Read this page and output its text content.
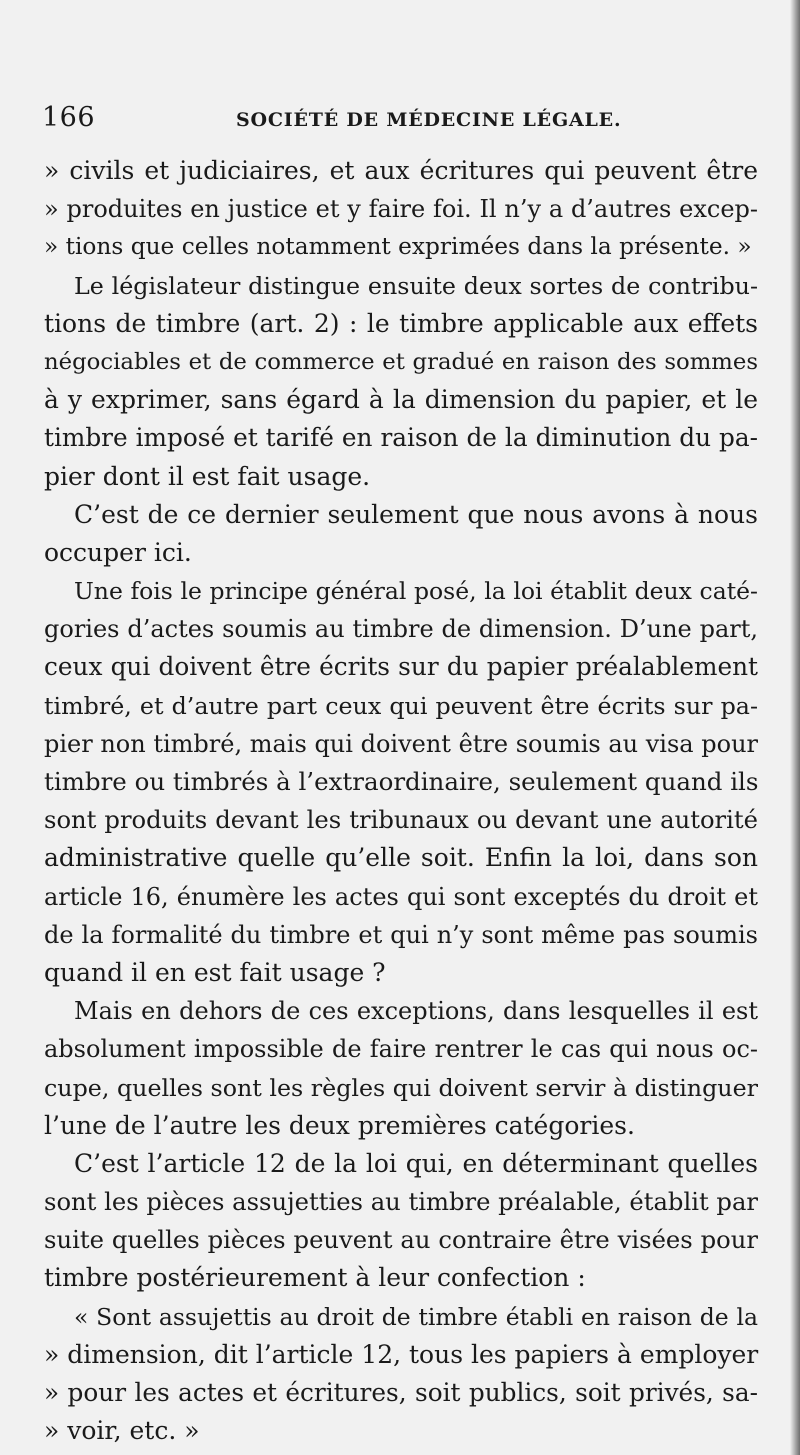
166	SOCIÉTÉ DE MÉDECINE LÉGALE.
» civils et judiciaires, et aux écritures qui peuvent être
» produites en justice et y faire foi. Il n’y a d’autres excep-
» tions que celles notamment exprimées dans la présente. »
Le législateur distingue ensuite deux sortes de contribu-
tions de timbre (art. 2) : le timbre applicable aux effets
négociables et de commerce et gradué en raison des sommes
à y exprimer, sans égard à la dimension du papier, et le
timbre imposé et tarifé en raison de la diminution du pa-
pier dont il est fait usage.
C’est de ce dernier seulement que nous avons à nous
occuper ici.
Une fois le principe général posé, la loi établit deux caté-
gories d’actes soumis au timbre de dimension. D’une part,
ceux qui doivent être écrits sur du papier préalablement
timbré, et d’autre part ceux qui peuvent être écrits sur pa-
pier non timbré, mais qui doivent être soumis au visa pour
timbre ou timbrés à l’extraordinaire, seulement quand ils
sont produits devant les tribunaux ou devant une autorité
administrative quelle qu’elle soit. Enfin la loi, dans son
article 16, énumère les actes qui sont exceptés du droit et
de la formalité du timbre et qui n’y sont même pas soumis
quand il en est fait usage ?
Mais en dehors de ces exceptions, dans lesquelles il est
absolument impossible de faire rentrer le cas qui nous oc-
cupe, quelles sont les règles qui doivent servir à distinguer
l’une de l’autre les deux premières catégories.
C’est l’article 12 de la loi qui, en déterminant quelles
sont les pièces assujetties au timbre préalable, établit par
suite quelles pièces peuvent au contraire être visées pour
timbre postérieurement à leur confection :
« Sont assujettis au droit de timbre établi en raison de la
» dimension, dit l’article 12, tous les papiers à employer
» pour les actes et écritures, soit publics, soit privés, sa-
» voir, etc. »
